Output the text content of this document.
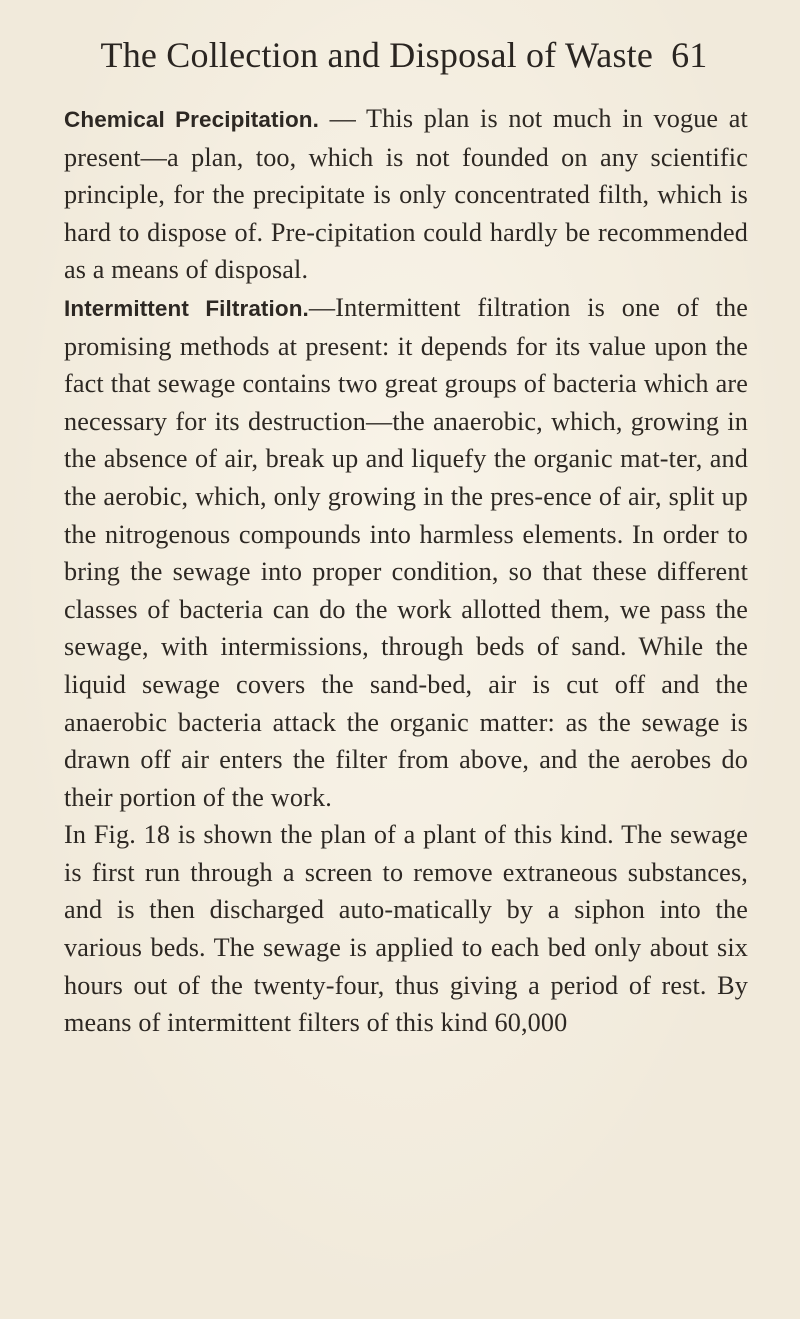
The Collection and Disposal of Waste 61

Chemical Precipitation. — This plan is not much in vogue at present—a plan, too, which is not founded on any scientific principle, for the precipitate is only concentrated filth, which is hard to dispose of. Pre-cipitation could hardly be recommended as a means of disposal.

Intermittent Filtration.—Intermittent filtration is one of the promising methods at present: it depends for its value upon the fact that sewage contains two great groups of bacteria which are necessary for its destruction—the anaerobic, which, growing in the absence of air, break up and liquefy the organic mat-ter, and the aerobic, which, only growing in the pres-ence of air, split up the nitrogenous compounds into harmless elements. In order to bring the sewage into proper condition, so that these different classes of bacteria can do the work allotted them, we pass the sewage, with intermissions, through beds of sand. While the liquid sewage covers the sand-bed, air is cut off and the anaerobic bacteria attack the organic matter: as the sewage is drawn off air enters the filter from above, and the aerobes do their portion of the work.

In Fig. 18 is shown the plan of a plant of this kind. The sewage is first run through a screen to remove extraneous substances, and is then discharged auto-matically by a siphon into the various beds. The sewage is applied to each bed only about six hours out of the twenty-four, thus giving a period of rest. By means of intermittent filters of this kind 60,000
